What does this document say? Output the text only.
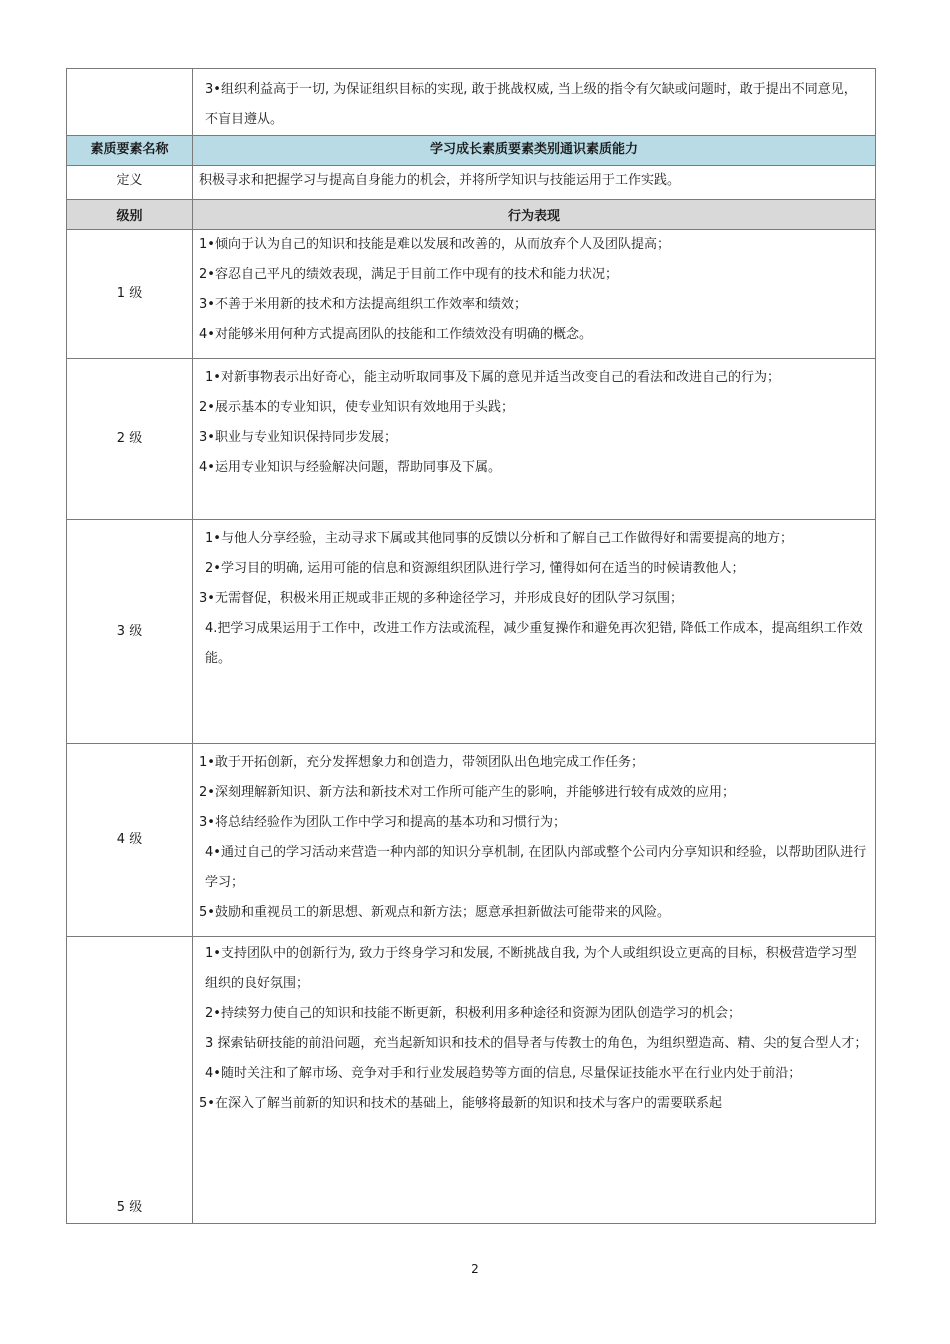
	3•组织利益高于一切, 为保证组织目标的实现, 敢于挑战权威, 当上级的指令有欠缺或问题时，敢于提出不同意见，不盲目遵从。

素质要素名称	学习成长素质要素类别通识素质能力
定义	积极寻求和把握学习与提高自身能力的机会，并将所学知识与技能运用于工作实践。
级别	行为表现
1 级	1•倾向于认为自己的知识和技能是难以发展和改善的，从而放弃个人及团队提高；
2•容忍自己平凡的绩效表现，满足于目前工作中现有的技术和能力状况；
3•不善于米用新的技术和方法提高组织工作效率和绩效；
4•对能够米用何种方式提高团队的技能和工作绩效没有明确的概念。

2 级	1•对新事物表示出好奇心，能主动听取同事及下属的意见并适当改变自己的看法和改进自己的行为；
2•展示基本的专业知识，使专业知识有效地用于头践；
3•职业与专业知识保持同步发展；
4•运用专业知识与经验解决问题，帮助同事及下属。

3 级	1•与他人分享经验，主动寻求下属或其他同事的反馈以分析和了解自己工作做得好和需要提高的地方；
2•学习目的明确, 运用可能的信息和资源组织团队进行学习, 懂得如何在适当的时候请教他人；
3•无需督促，积极米用正规或非正规的多种途径学习，并形成良好的团队学习氛围；
4.把学习成果运用于工作中，改进工作方法或流程，减少重复操作和避免再次犯错, 降低工作成本，提高组织工作效能。

4 级	1•敢于开拓创新，充分发挥想象力和创造力，带领团队出色地完成工作任务；
2•深刻理解新知识、新方法和新技术对工作所可能产生的影响，并能够进行较有成效的应用；
3•将总结经验作为团队工作中学习和提高的基本功和习惯行为；
4•通过自己的学习活动来营造一种内部的知识分享机制, 在团队内部或整个公司内分享知识和经验，以帮助团队进行学习；
5•鼓励和重视员工的新思想、新观点和新方法；愿意承担新做法可能带来的风险。

5 级	1•支持团队中的创新行为, 致力于终身学习和发展, 不断挑战自我, 为个人或组织设立更高的目标，积极营造学习型组织的良好氛围；
2•持续努力使自己的知识和技能不断更新，积极利用多种途径和资源为团队创造学习的机会；
3 探索钻研技能的前沿问题，充当起新知识和技术的倡导者与传教士的角色，为组织塑造高、精、尖的复合型人才；
4•随时关注和了解市场、竞争对手和行业发展趋势等方面的信息, 尽量保证技能水平在行业内处于前沿；
5•在深入了解当前新的知识和技术的基础上，能够将最新的知识和技术与客户的需要联系起
2
